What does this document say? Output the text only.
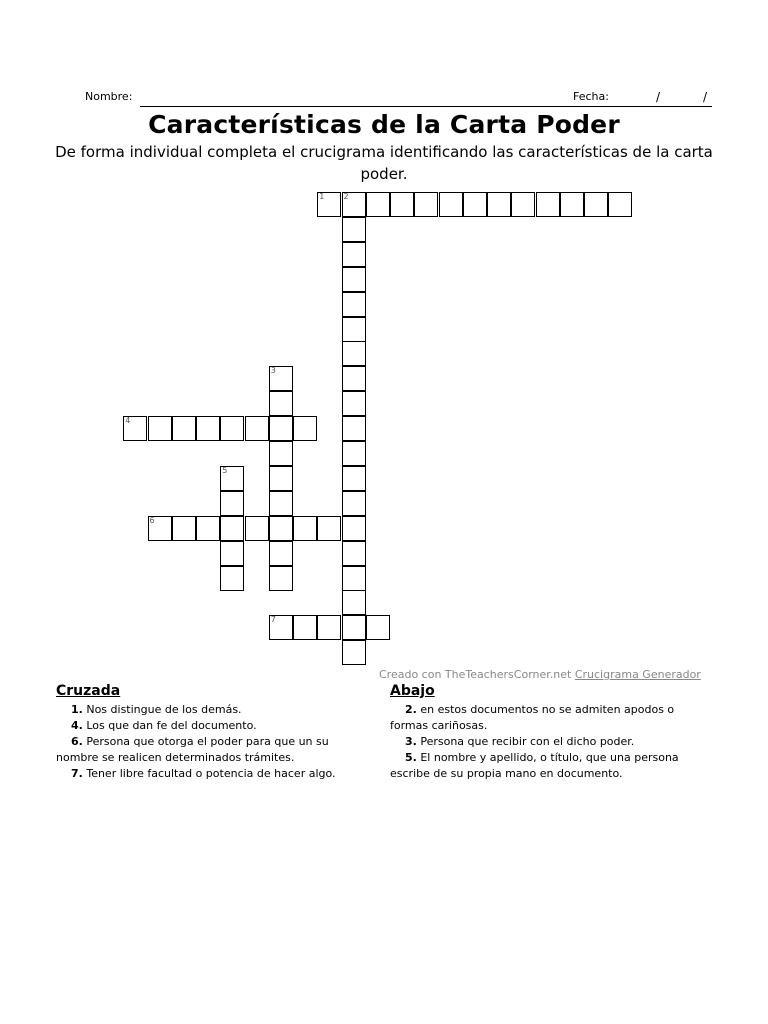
Nombre:	Fecha:	/	/
Características de la Carta Poder
De forma individual completa el crucigrama identificando las características de la carta poder.
1 2
3
4
5
6
7
Creado con TheTeachersCorner.net Crucigrama Generador
Cruzada
1. Nos distingue de los demás.
4. Los que dan fe del documento.
6. Persona que otorga el poder para que un su
nombre se realicen determinados trámites.
7. Tener libre facultad o potencia de hacer algo.
Abajo
2. en estos documentos no se admiten apodos o
formas cariñosas.
3. Persona que recibir con el dicho poder.
5. El nombre y apellido, o título, que una persona
escribe de su propia mano en documento.
